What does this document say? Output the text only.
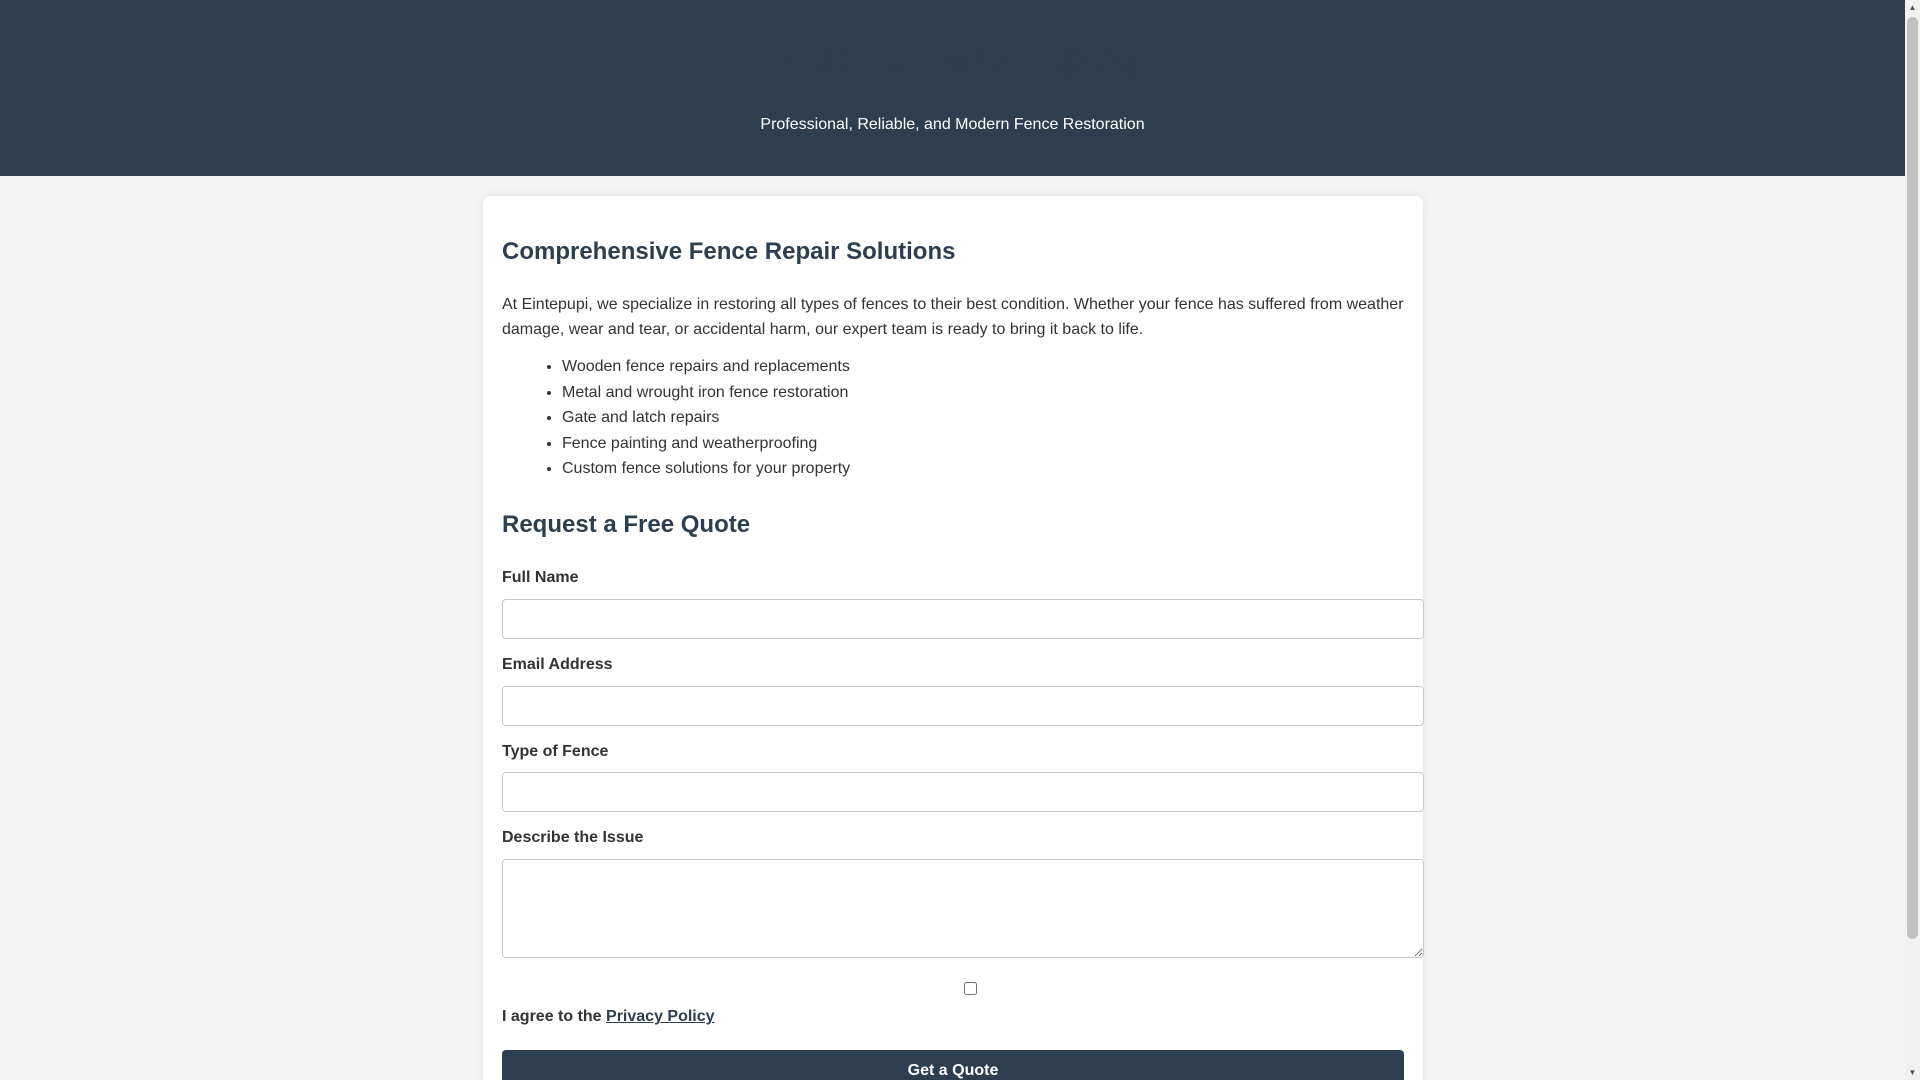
Eintepupi Fence Repair
Professional, Reliable, and Modern Fence Restoration
Comprehensive Fence Repair Solutions

At Eintepupi, we specialize in restoring all types of fences to their best condition. Whether your fence has suffered from weather damage, wear and tear, or accidental harm, our expert team is ready to bring it back to life.

• Wooden fence repairs and replacements
• Metal and wrought iron fence restoration
• Gate and latch repairs
• Fence painting and weatherproofing
• Custom fence solutions for your property
Request a Free Quote
Full Name
Email Address
Type of Fence
Describe the Issue
I agree to the Privacy Policy
Get a Quote
▲
▼
